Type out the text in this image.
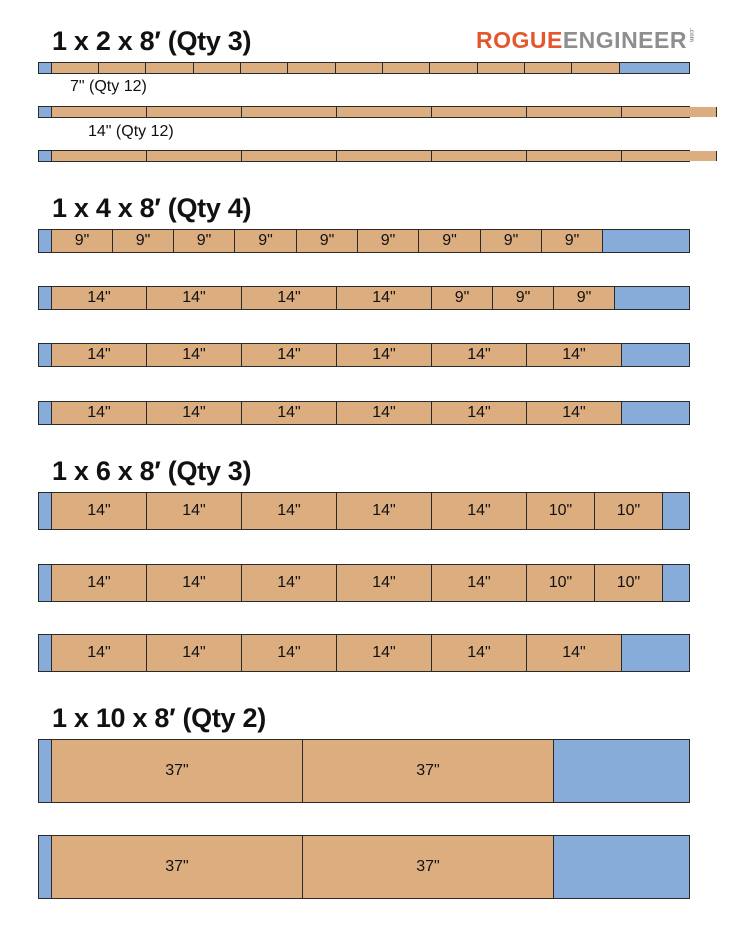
ROGUEENGINEER.com
1 x 2 x 8′ (Qty 3)
7" (Qty 12)
14" (Qty 12)
1 x 4 x 8′ (Qty 4)
9"	9"	9"	9"	9"	9"	9"	9"	9"
14"	14"	14"	14"	9"	9"	9"
14"	14"	14"	14"	14"	14"
14"	14"	14"	14"	14"	14"
1 x 6 x 8′ (Qty 3)
14"	14"	14"	14"	14"	10"	10"
14"	14"	14"	14"	14"	10"	10"
14"	14"	14"	14"	14"	14"
1 x 10 x 8′ (Qty 2)
37"	37"
37"	37"
